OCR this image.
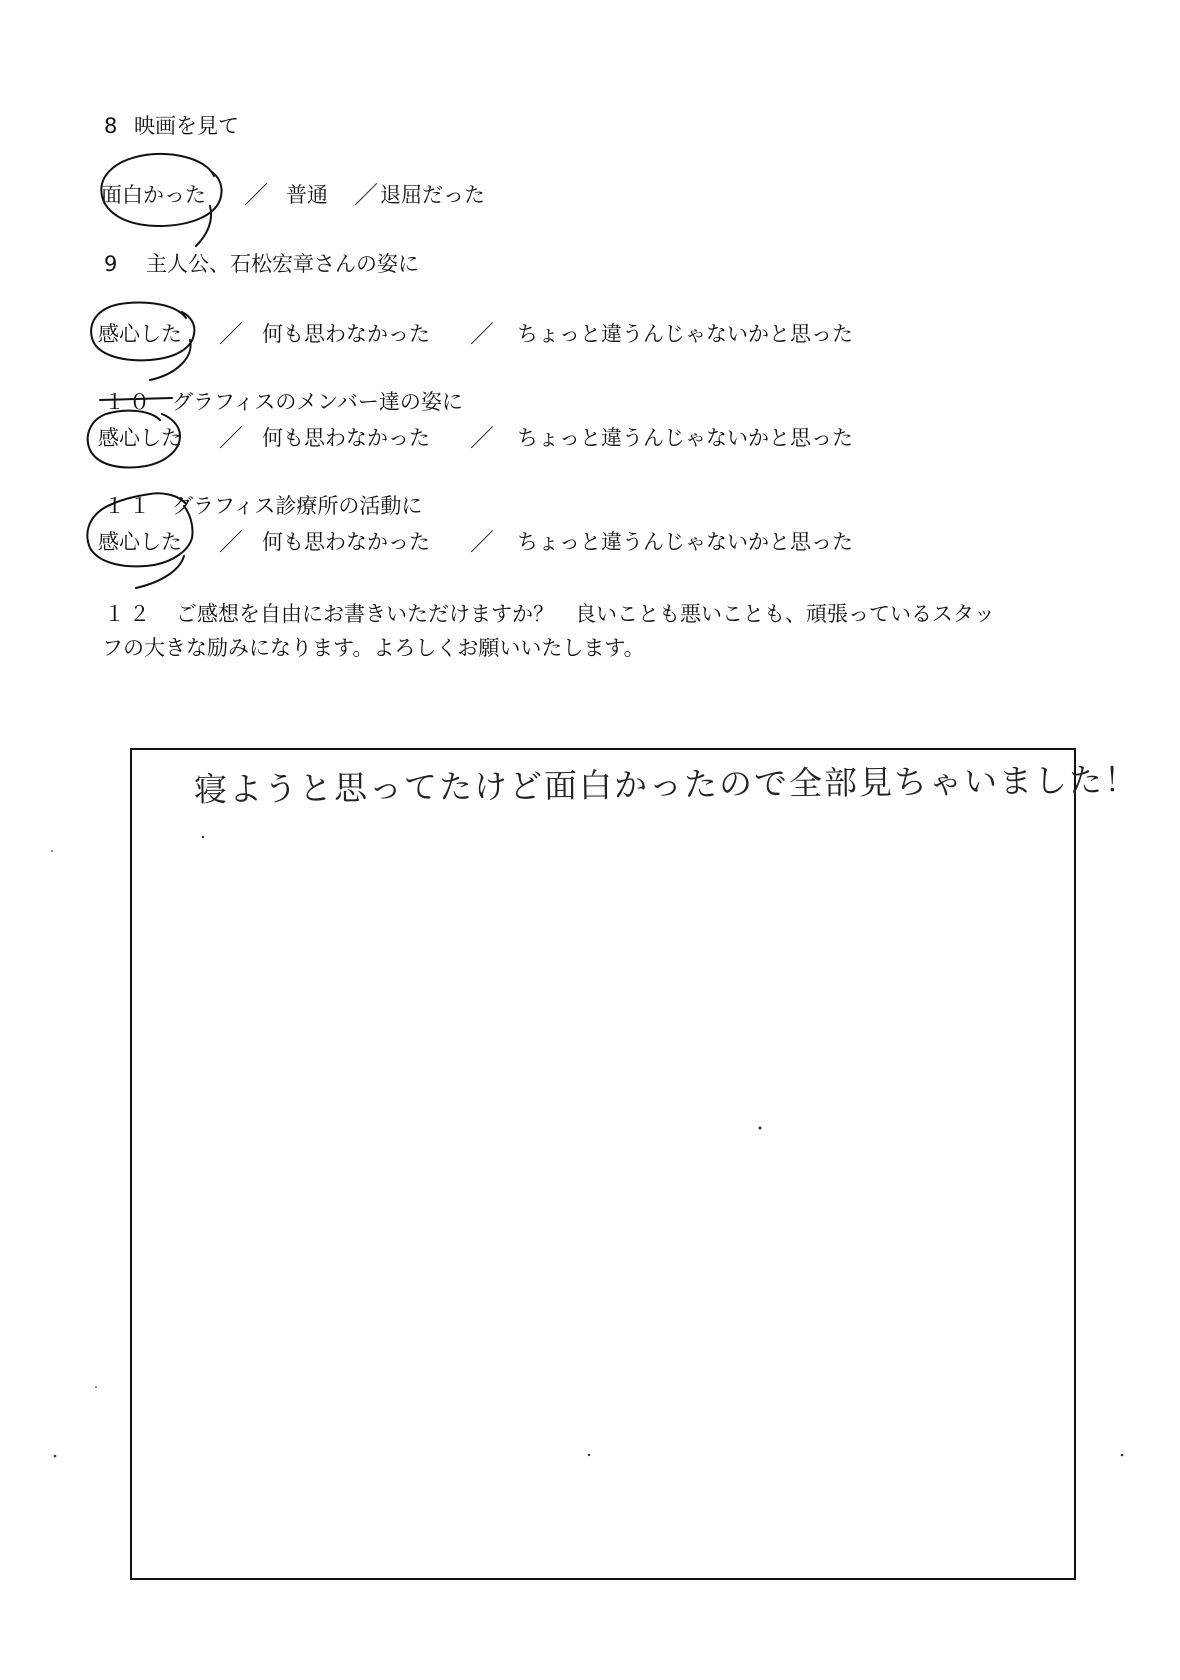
8 映画を見て
面白かった ／ 普通 ／ 退屈だった
9 主人公、石松宏章さんの姿に
感心した ／ 何も思わなかった ／ ちょっと違うんじゃないかと思った
１０ グラフィスのメンバー達の姿に
感心した ／ 何も思わなかった ／ ちょっと違うんじゃないかと思った
１１ グラフィス診療所の活動に
感心した ／ 何も思わなかった ／ ちょっと違うんじゃないかと思った
１２ ご感想を自由にお書きいただけますか？　良いことも悪いことも、頑張っているスタッ
フの大きな励みになります。よろしくお願いいたします。
寝ようと思ってたけど面白かったので全部見ちゃいました！
